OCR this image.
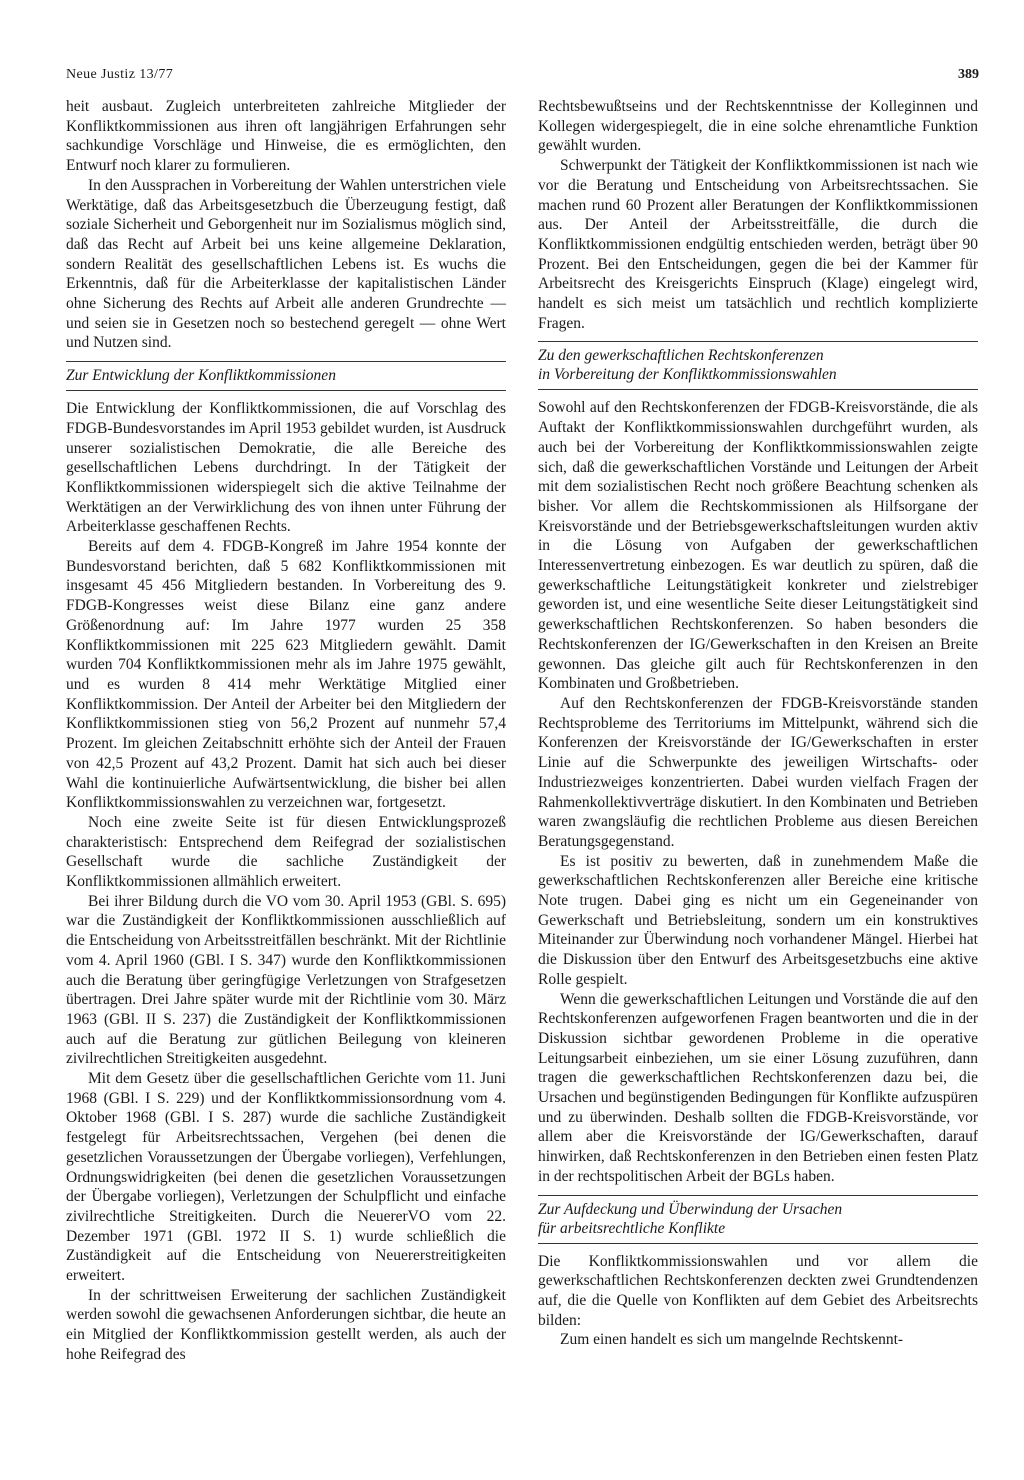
Neue Justiz 13/77	389

heit ausbaut. Zugleich unterbreiteten zahlreiche Mitglieder der Konfliktkommissionen aus ihren oft langjährigen Erfahrungen sehr sachkundige Vorschläge und Hinweise, die es ermöglichten, den Entwurf noch klarer zu formulieren.

In den Aussprachen in Vorbereitung der Wahlen unterstrichen viele Werktätige, daß das Arbeitsgesetzbuch die Überzeugung festigt, daß soziale Sicherheit und Geborgenheit nur im Sozialismus möglich sind, daß das Recht auf Arbeit bei uns keine allgemeine Deklaration, sondern Realität des gesellschaftlichen Lebens ist. Es wuchs die Erkenntnis, daß für die Arbeiterklasse der kapitalistischen Länder ohne Sicherung des Rechts auf Arbeit alle anderen Grundrechte — und seien sie in Gesetzen noch so bestechend geregelt — ohne Wert und Nutzen sind.

Zur Entwicklung der Konfliktkommissionen

Die Entwicklung der Konfliktkommissionen, die auf Vorschlag des FDGB-Bundesvorstandes im April 1953 gebildet wurden, ist Ausdruck unserer sozialistischen Demokratie, die alle Bereiche des gesellschaftlichen Lebens durchdringt. In der Tätigkeit der Konfliktkommissionen widerspiegelt sich die aktive Teilnahme der Werktätigen an der Verwirklichung des von ihnen unter Führung der Arbeiterklasse geschaffenen Rechts.

Bereits auf dem 4. FDGB-Kongreß im Jahre 1954 konnte der Bundesvorstand berichten, daß 5 682 Konfliktkommissionen mit insgesamt 45 456 Mitgliedern bestanden. In Vorbereitung des 9. FDGB-Kongresses weist diese Bilanz eine ganz andere Größenordnung auf: Im Jahre 1977 wurden 25 358 Konfliktkommissionen mit 225 623 Mitgliedern gewählt. Damit wurden 704 Konfliktkommissionen mehr als im Jahre 1975 gewählt, und es wurden 8 414 mehr Werktätige Mitglied einer Konfliktkommission. Der Anteil der Arbeiter bei den Mitgliedern der Konfliktkommissionen stieg von 56,2 Prozent auf nunmehr 57,4 Prozent. Im gleichen Zeitabschnitt erhöhte sich der Anteil der Frauen von 42,5 Prozent auf 43,2 Prozent. Damit hat sich auch bei dieser Wahl die kontinuierliche Aufwärtsentwicklung, die bisher bei allen Konfliktkommissionswahlen zu verzeichnen war, fortgesetzt.

Noch eine zweite Seite ist für diesen Entwicklungsprozeß charakteristisch: Entsprechend dem Reifegrad der sozialistischen Gesellschaft wurde die sachliche Zuständigkeit der Konfliktkommissionen allmählich erweitert.

Bei ihrer Bildung durch die VO vom 30. April 1953 (GBl. S. 695) war die Zuständigkeit der Konfliktkommissionen ausschließlich auf die Entscheidung von Arbeitsstreitfällen beschränkt. Mit der Richtlinie vom 4. April 1960 (GBl. I S. 347) wurde den Konfliktkommissionen auch die Beratung über geringfügige Verletzungen von Strafgesetzen übertragen. Drei Jahre später wurde mit der Richtlinie vom 30. März 1963 (GBl. II S. 237) die Zuständigkeit der Konfliktkommissionen auch auf die Beratung zur gütlichen Beilegung von kleineren zivilrechtlichen Streitigkeiten ausgedehnt.

Mit dem Gesetz über die gesellschaftlichen Gerichte vom 11. Juni 1968 (GBl. I S. 229) und der Konfliktkommissionsordnung vom 4. Oktober 1968 (GBl. I S. 287) wurde die sachliche Zuständigkeit festgelegt für Arbeitsrechtssachen, Vergehen (bei denen die gesetzlichen Voraussetzungen der Übergabe vorliegen), Verfehlungen, Ordnungswidrigkeiten (bei denen die gesetzlichen Voraussetzungen der Übergabe vorliegen), Verletzungen der Schulpflicht und einfache zivilrechtliche Streitigkeiten. Durch die NeuererVO vom 22. Dezember 1971 (GBl. 1972 II S. 1) wurde schließlich die Zuständigkeit auf die Entscheidung von Neuererstreitigkeiten erweitert.

In der schrittweisen Erweiterung der sachlichen Zuständigkeit werden sowohl die gewachsenen Anforderungen sichtbar, die heute an ein Mitglied der Konfliktkommission gestellt werden, als auch der hohe Reifegrad des

Rechtsbewußtseins und der Rechtskenntnisse der Kolleginnen und Kollegen widergespiegelt, die in eine solche ehrenamtliche Funktion gewählt wurden.

Schwerpunkt der Tätigkeit der Konfliktkommissionen ist nach wie vor die Beratung und Entscheidung von Arbeitsrechtssachen. Sie machen rund 60 Prozent aller Beratungen der Konfliktkommissionen aus. Der Anteil der Arbeitsstreitfälle, die durch die Konfliktkommissionen endgültig entschieden werden, beträgt über 90 Prozent. Bei den Entscheidungen, gegen die bei der Kammer für Arbeitsrecht des Kreisgerichts Einspruch (Klage) eingelegt wird, handelt es sich meist um tatsächlich und rechtlich komplizierte Fragen.

Zu den gewerkschaftlichen Rechtskonferenzen
in Vorbereitung der Konfliktkommissionswahlen

Sowohl auf den Rechtskonferenzen der FDGB-Kreisvorstände, die als Auftakt der Konfliktkommissionswahlen durchgeführt wurden, als auch bei der Vorbereitung der Konfliktkommissionswahlen zeigte sich, daß die gewerkschaftlichen Vorstände und Leitungen der Arbeit mit dem sozialistischen Recht noch größere Beachtung schenken als bisher. Vor allem die Rechtskommissionen als Hilfsorgane der Kreisvorstände und der Betriebsgewerkschaftsleitungen wurden aktiv in die Lösung von Aufgaben der gewerkschaftlichen Interessenvertretung einbezogen. Es war deutlich zu spüren, daß die gewerkschaftliche Leitungstätigkeit konkreter und zielstrebiger geworden ist, und eine wesentliche Seite dieser Leitungstätigkeit sind gewerkschaftlichen Rechtskonferenzen. So haben besonders die Rechtskonferenzen der IG/Gewerkschaften in den Kreisen an Breite gewonnen. Das gleiche gilt auch für Rechtskonferenzen in den Kombinaten und Großbetrieben.

Auf den Rechtskonferenzen der FDGB-Kreisvorstände standen Rechtsprobleme des Territoriums im Mittelpunkt, während sich die Konferenzen der Kreisvorstände der IG/Gewerkschaften in erster Linie auf die Schwerpunkte des jeweiligen Wirtschafts- oder Industriezweiges konzentrierten. Dabei wurden vielfach Fragen der Rahmenkollektivverträge diskutiert. In den Kombinaten und Betrieben waren zwangsläufig die rechtlichen Probleme aus diesen Bereichen Beratungsgegenstand.

Es ist positiv zu bewerten, daß in zunehmendem Maße die gewerkschaftlichen Rechtskonferenzen aller Bereiche eine kritische Note trugen. Dabei ging es nicht um ein Gegeneinander von Gewerkschaft und Betriebsleitung, sondern um ein konstruktives Miteinander zur Überwindung noch vorhandener Mängel. Hierbei hat die Diskussion über den Entwurf des Arbeitsgesetzbuchs eine aktive Rolle gespielt.

Wenn die gewerkschaftlichen Leitungen und Vorstände die auf den Rechtskonferenzen aufgeworfenen Fragen beantworten und die in der Diskussion sichtbar gewordenen Probleme in die operative Leitungsarbeit einbeziehen, um sie einer Lösung zuzuführen, dann tragen die gewerkschaftlichen Rechtskonferenzen dazu bei, die Ursachen und begünstigenden Bedingungen für Konflikte aufzuspüren und zu überwinden. Deshalb sollten die FDGB-Kreisvorstände, vor allem aber die Kreisvorstände der IG/Gewerkschaften, darauf hinwirken, daß Rechtskonferenzen in den Betrieben einen festen Platz in der rechtspolitischen Arbeit der BGLs haben.

Zur Aufdeckung und Überwindung der Ursachen
für arbeitsrechtliche Konflikte

Die Konfliktkommissionswahlen und vor allem die gewerkschaftlichen Rechtskonferenzen deckten zwei Grundtendenzen auf, die die Quelle von Konflikten auf dem Gebiet des Arbeitsrechts bilden:

Zum einen handelt es sich um mangelnde Rechtskennt-
